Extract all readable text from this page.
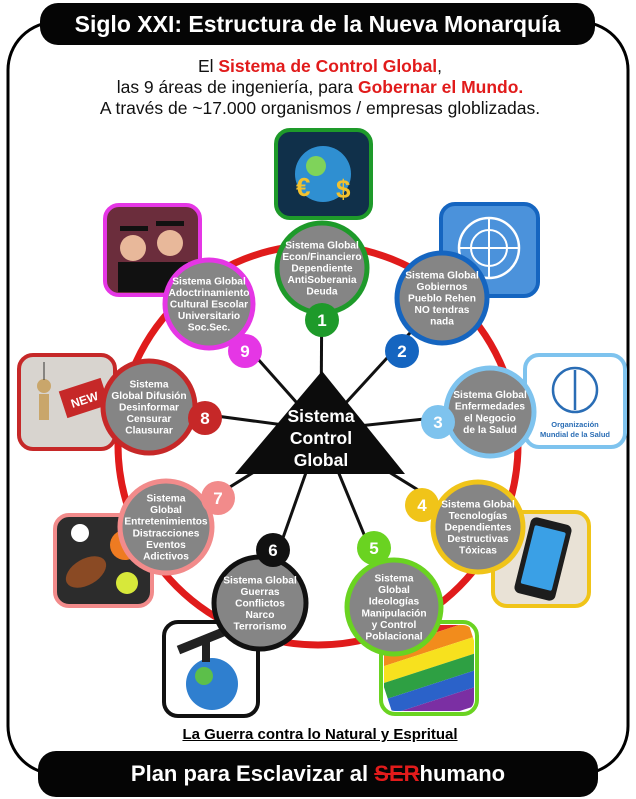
Siglo XXI: Estructura de la Nueva Monarquía
El Sistema de Control Global,
las 9 áreas de ingeniería, para Gobernar el Mundo.
A través de ~17.000 organismos / empresas globlizadas.
€ $
Organización
Mundial de la Salud
NEW
Sistema
Control
Global
Sistema Global
Econ/Financiero
Dependiente
AntiSoberania
Deuda
1
Sistema Global
Gobiernos
Pueblo Rehen
NO tendras
nada
2
Sistema Global
Enfermedades
el Negocio
de la Salud
3
Sistema Global
Tecnologías
Dependientes
Destructivas
Tóxicas
4
Sistema
Global
Ideologías
Manipulación
y Control
Poblacional
5
Sistema Global
Guerras
Conflictos
Narco
Terrorismo
6
Sistema
Global
Entretenimientos
Distracciones
Eventos
Adictivos
7
Sistema
Global Difusión
Desinformar
Censurar
Clausurar
8
Sistema Global
Adoctrinamiento
Cultural Escolar
Universitario
Soc.Sec.
9
La Guerra contra lo Natural y Espritual
Plan para Esclavizar al SERhumano
